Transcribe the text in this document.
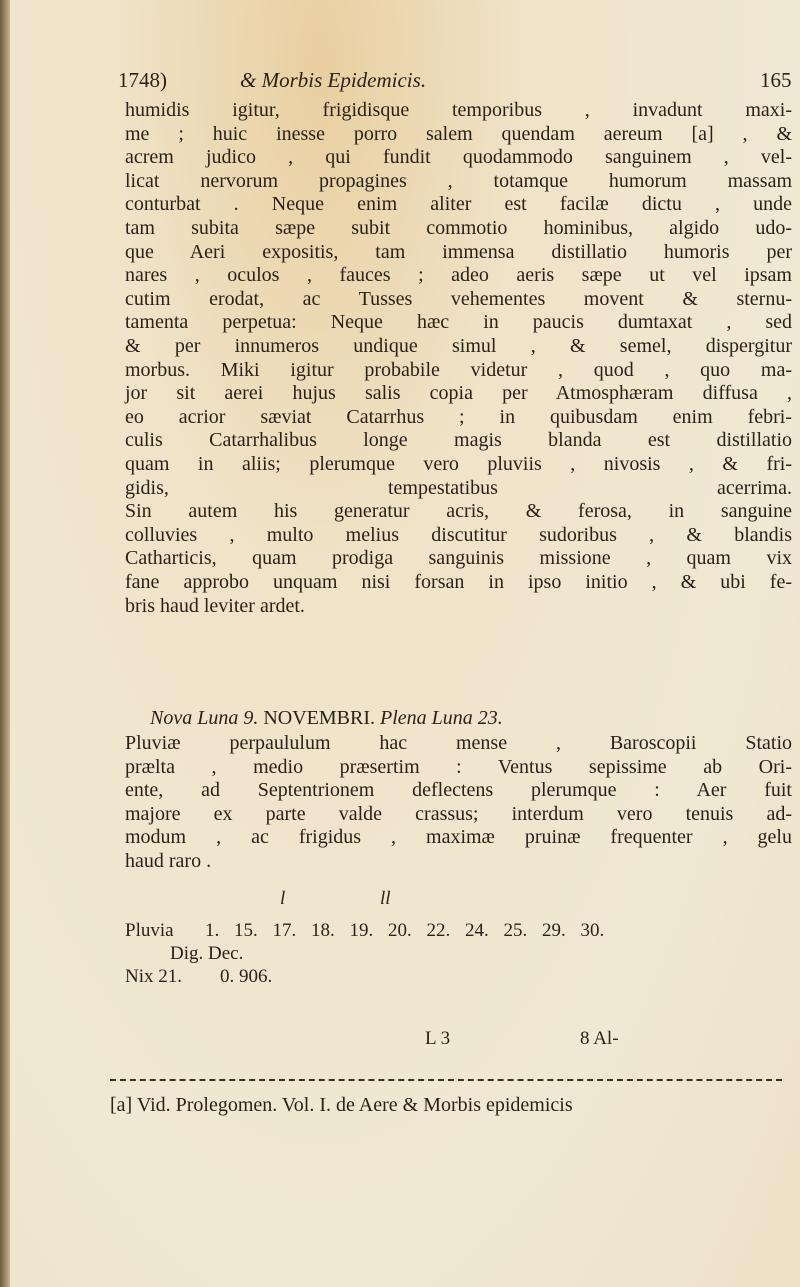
1748)	& Morbis Epidemicis.	165
humidis igitur, frigidisque temporibus , invadunt maxi-
me ; huic inesse porro salem quendam aereum [a] , &
acrem judico , qui fundit quodammodo sanguinem , vel-
licat nervorum propagines , totamque humorum massam
conturbat . Neque enim aliter est facilæ dictu , unde
tam subita sæpe subit commotio hominibus, algido udo-
que Aeri expositis, tam immensa distillatio humoris per
nares , oculos , fauces ; adeo aeris sæpe ut vel ipsam
cutim erodat, ac Tusses vehementes movent & sternu-
tamenta perpetua: Neque hæc in paucis dumtaxat , sed
& per innumeros undique simul , & semel, dispergitur
morbus. Miki igitur probabile videtur , quod , quo ma-
jor sit aerei hujus salis copia per Atmosphæram diffusa ,
eo acrior sæviat Catarrhus ; in quibusdam enim febri-
culis Catarrhalibus longe magis blanda est distillatio
quam in aliis; plerumque vero pluviis , nivosis , & fri-
gidis, tempestatibus acerrima.
Sin autem his generatur acris, & ferosa, in sanguine
colluvies , multo melius discutitur sudoribus , & blandis
Catharticis, quam prodiga sanguinis missione , quam vix
fane approbo unquam nisi forsan in ipso initio , & ubi fe-
bris haud leviter ardet.
Nova Luna 9. NOVEMBRI. Plena Luna 23.
Pluviæ perpaululum hac mense , Baroscopii Statio
prælta , medio præsertim : Ventus sepissime ab Ori-
ente, ad Septentrionem deflectens plerumque : Aer fuit
majore ex parte valde crassus; interdum vero tenuis ad-
modum , ac frigidus , maximæ pruinæ frequenter , gelu
haud raro .
l	ll
Pluvia 1. 15. 17. 18. 19. 20. 22. 24. 25. 29. 30.
Dig. Dec.
Nix 21. 0. 906.
L 3	8 Al-
[a] Vid. Prolegomen. Vol. I. de Aere & Morbis epidemicis
